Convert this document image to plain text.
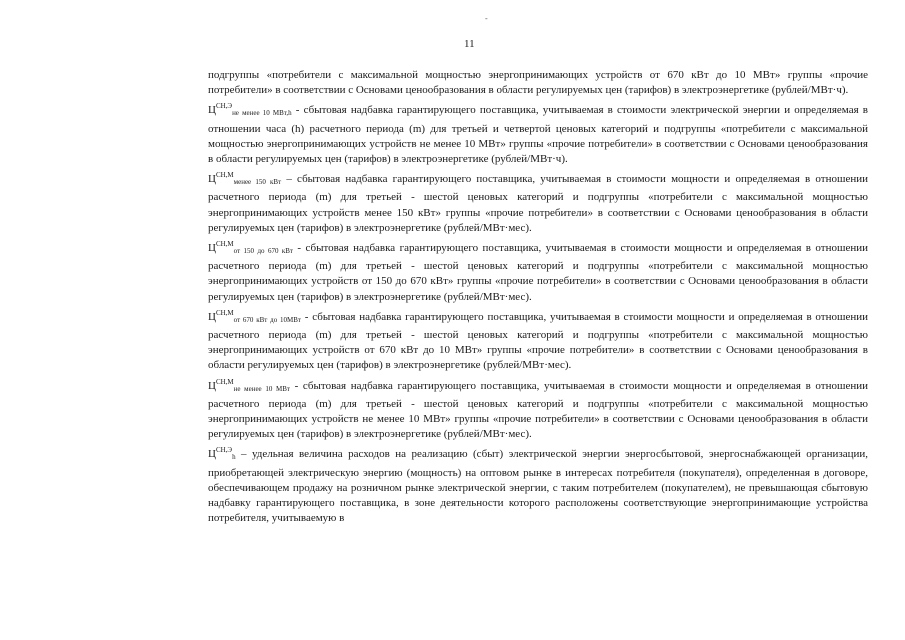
-
11

подгруппы «потребители с максимальной мощностью энергопринимающих устройств от 670 кВт до 10 МВт» группы «прочие потребители» в соответствии с Основами ценообразования в области регулируемых цен (тарифов) в электроэнергетике (рублей/МВт·ч).

$Ц^{СН,Э}_{не менее 10 МВт,h}$ - сбытовая надбавка гарантирующего поставщика, учитываемая в стоимости электрической энергии и определяемая в отношении часа (h) расчетного периода (m) для третьей и четвертой ценовых категорий и подгруппы «потребители с максимальной мощностью энергопринимающих устройств не менее 10 МВт» группы «прочие потребители» в соответствии с Основами ценообразования в области регулируемых цен (тарифов) в электроэнергетике (рублей/МВт·ч).

$Ц^{СН,М}_{менее 150 кВт}$ – сбытовая надбавка гарантирующего поставщика, учитываемая в стоимости мощности и определяемая в отношении расчетного периода (m) для третьей - шестой ценовых категорий и подгруппы «потребители с максимальной мощностью энергопринимающих устройств менее 150 кВт» группы «прочие потребители» в соответствии с Основами ценообразования в области регулируемых цен (тарифов) в электроэнергетике (рублей/МВт·мес).

$Ц^{СН,М}_{от 150 до 670 кВт}$ - сбытовая надбавка гарантирующего поставщика, учитываемая в стоимости мощности и определяемая в отношении расчетного периода (m) для третьей - шестой ценовых категорий и подгруппы «потребители с максимальной мощностью энергопринимающих устройств от 150 до 670 кВт» группы «прочие потребители» в соответствии с Основами ценообразования в области регулируемых цен (тарифов) в электроэнергетике (рублей/МВт·мес).

$Ц^{СН,М}_{от 670 кВт до 10МВт}$ - сбытовая надбавка гарантирующего поставщика, учитываемая в стоимости мощности и определяемая в отношении расчетного периода (m) для третьей - шестой ценовых категорий и подгруппы «потребители с максимальной мощностью энергопринимающих устройств от 670 кВт до 10 МВт» группы «прочие потребители» в соответствии с Основами ценообразования в области регулируемых цен (тарифов) в электроэнергетике (рублей/МВт·мес).

$Ц^{СН,М}_{не менее 10 МВт}$ - сбытовая надбавка гарантирующего поставщика, учитываемая в стоимости мощности и определяемая в отношении расчетного периода (m) для третьей - шестой ценовых категорий и подгруппы «потребители с максимальной мощностью энергопринимающих устройств не менее 10 МВт» группы «прочие потребители» в соответствии с Основами ценообразования в области регулируемых цен (тарифов) в электроэнергетике (рублей/МВт·мес).

$Ц^{СН,Э}_h$ – удельная величина расходов на реализацию (сбыт) электрической энергии энергосбытовой, энергоснабжающей организации, приобретающей электрическую энергию (мощность) на оптовом рынке в интересах потребителя (покупателя), определенная в договоре, обеспечивающем продажу на розничном рынке электрической энергии, с таким потребителем (покупателем), не превышающая сбытовую надбавку гарантирующего поставщика, в зоне деятельности которого расположены соответствующие энергопринимающие устройства потребителя, учитываемую в
